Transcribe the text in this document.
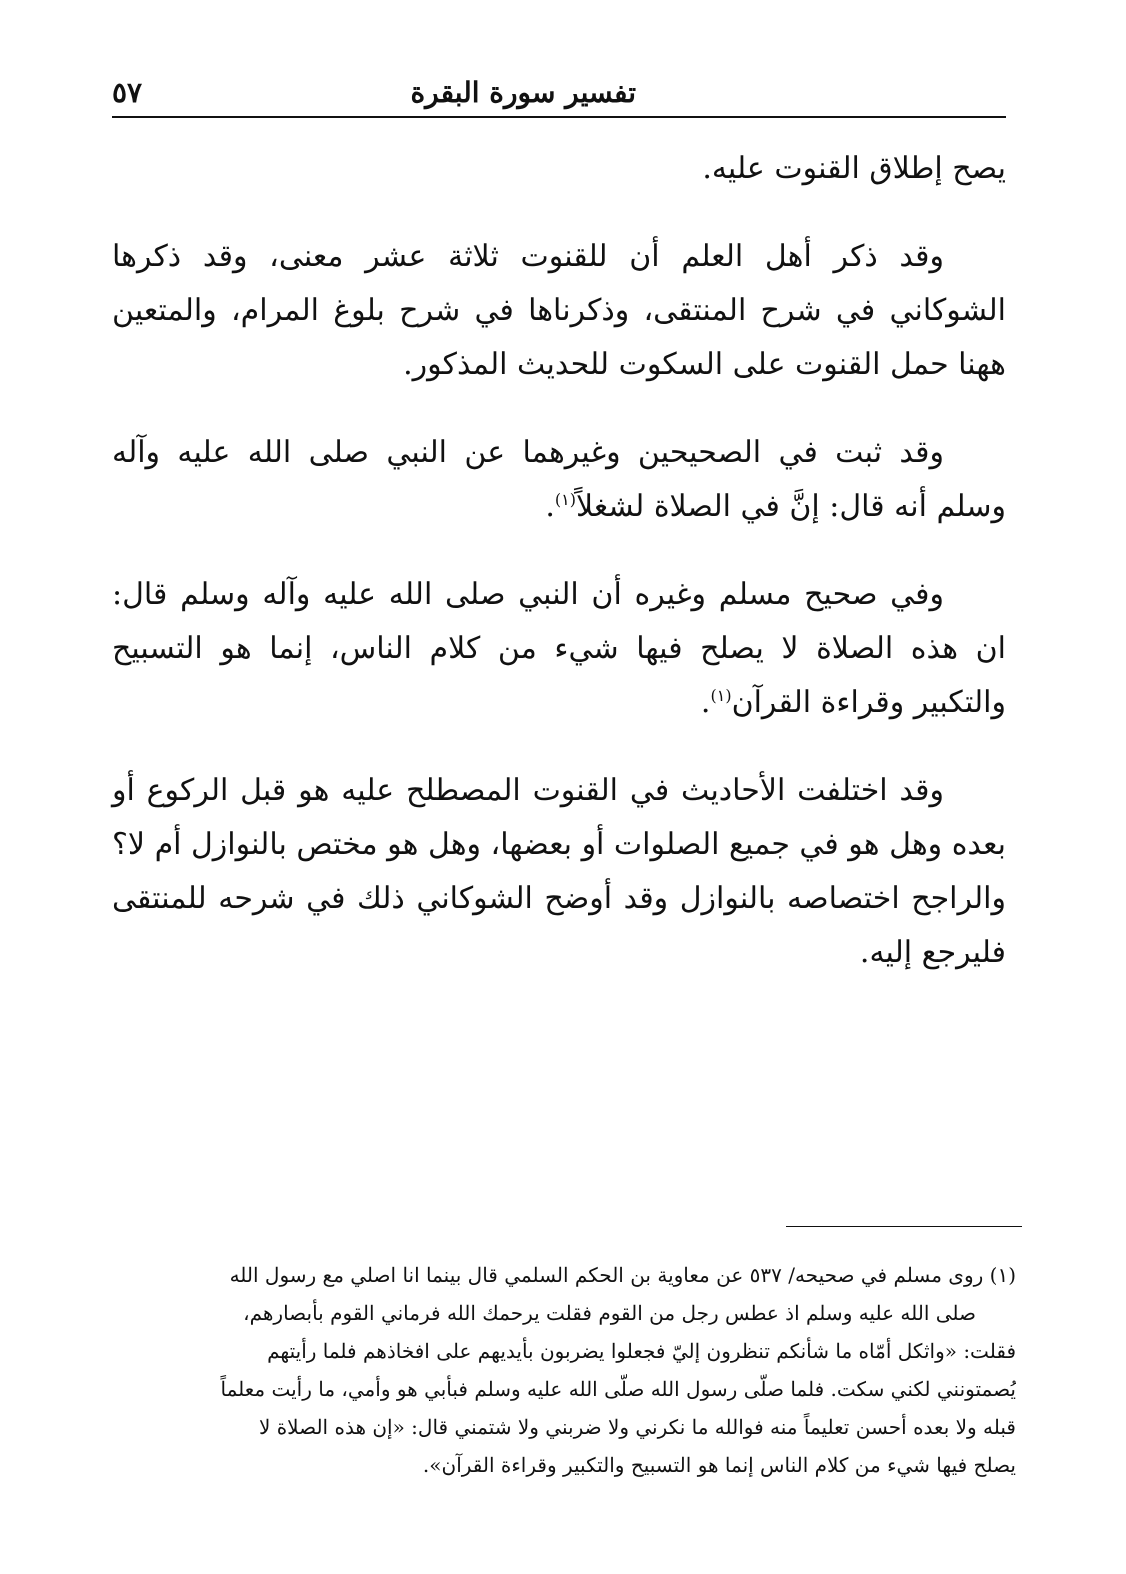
تفسير سورة البقرة
٥٧

يصح إطلاق القنوت عليه.

وقد ذكر أهل العلم أن للقنوت ثلاثة عشر معنى، وقد ذكرها الشوكاني في شرح المنتقى، وذكرناها في شرح بلوغ المرام، والمتعين ههنا حمل القنوت على السكوت للحديث المذكور.

وقد ثبت في الصحيحين وغيرهما عن النبي صلى الله عليه وآله وسلم أنه قال: إنَّ في الصلاة لشغلاً$^{(١)}$.

وفي صحيح مسلم وغيره أن النبي صلى الله عليه وآله وسلم قال: ان هذه الصلاة لا يصلح فيها شيء من كلام الناس، إنما هو التسبيح والتكبير وقراءة القرآن$^{(١)}$.

وقد اختلفت الأحاديث في القنوت المصطلح عليه هو قبل الركوع أو بعده وهل هو في جميع الصلوات أو بعضها، وهل هو مختص بالنوازل أم لا؟ والراجح اختصاصه بالنوازل وقد أوضح الشوكاني ذلك في شرحه للمنتقى فليرجع إليه.

(١) روى مسلم في صحيحه/ ٥٣٧ عن معاوية بن الحكم السلمي قال بينما انا اصلي مع رسول الله

صلى الله عليه وسلم اذ عطس رجل من القوم فقلت يرحمك الله فرماني القوم بأبصارهم،

فقلت: «واثكل أمّاه ما شأنكم تنظرون إليّ فجعلوا يضربون بأيديهم على افخاذهم فلما رأيتهم

يُصمتونني لكني سكت. فلما صلّى رسول الله صلّى الله عليه وسلم فبأبي هو وأمي، ما رأيت معلماً

قبله ولا بعده أحسن تعليماً منه فوالله ما نكرني ولا ضربني ولا شتمني قال: «إن هذه الصلاة لا

يصلح فيها شيء من كلام الناس إنما هو التسبيح والتكبير وقراءة القرآن».
